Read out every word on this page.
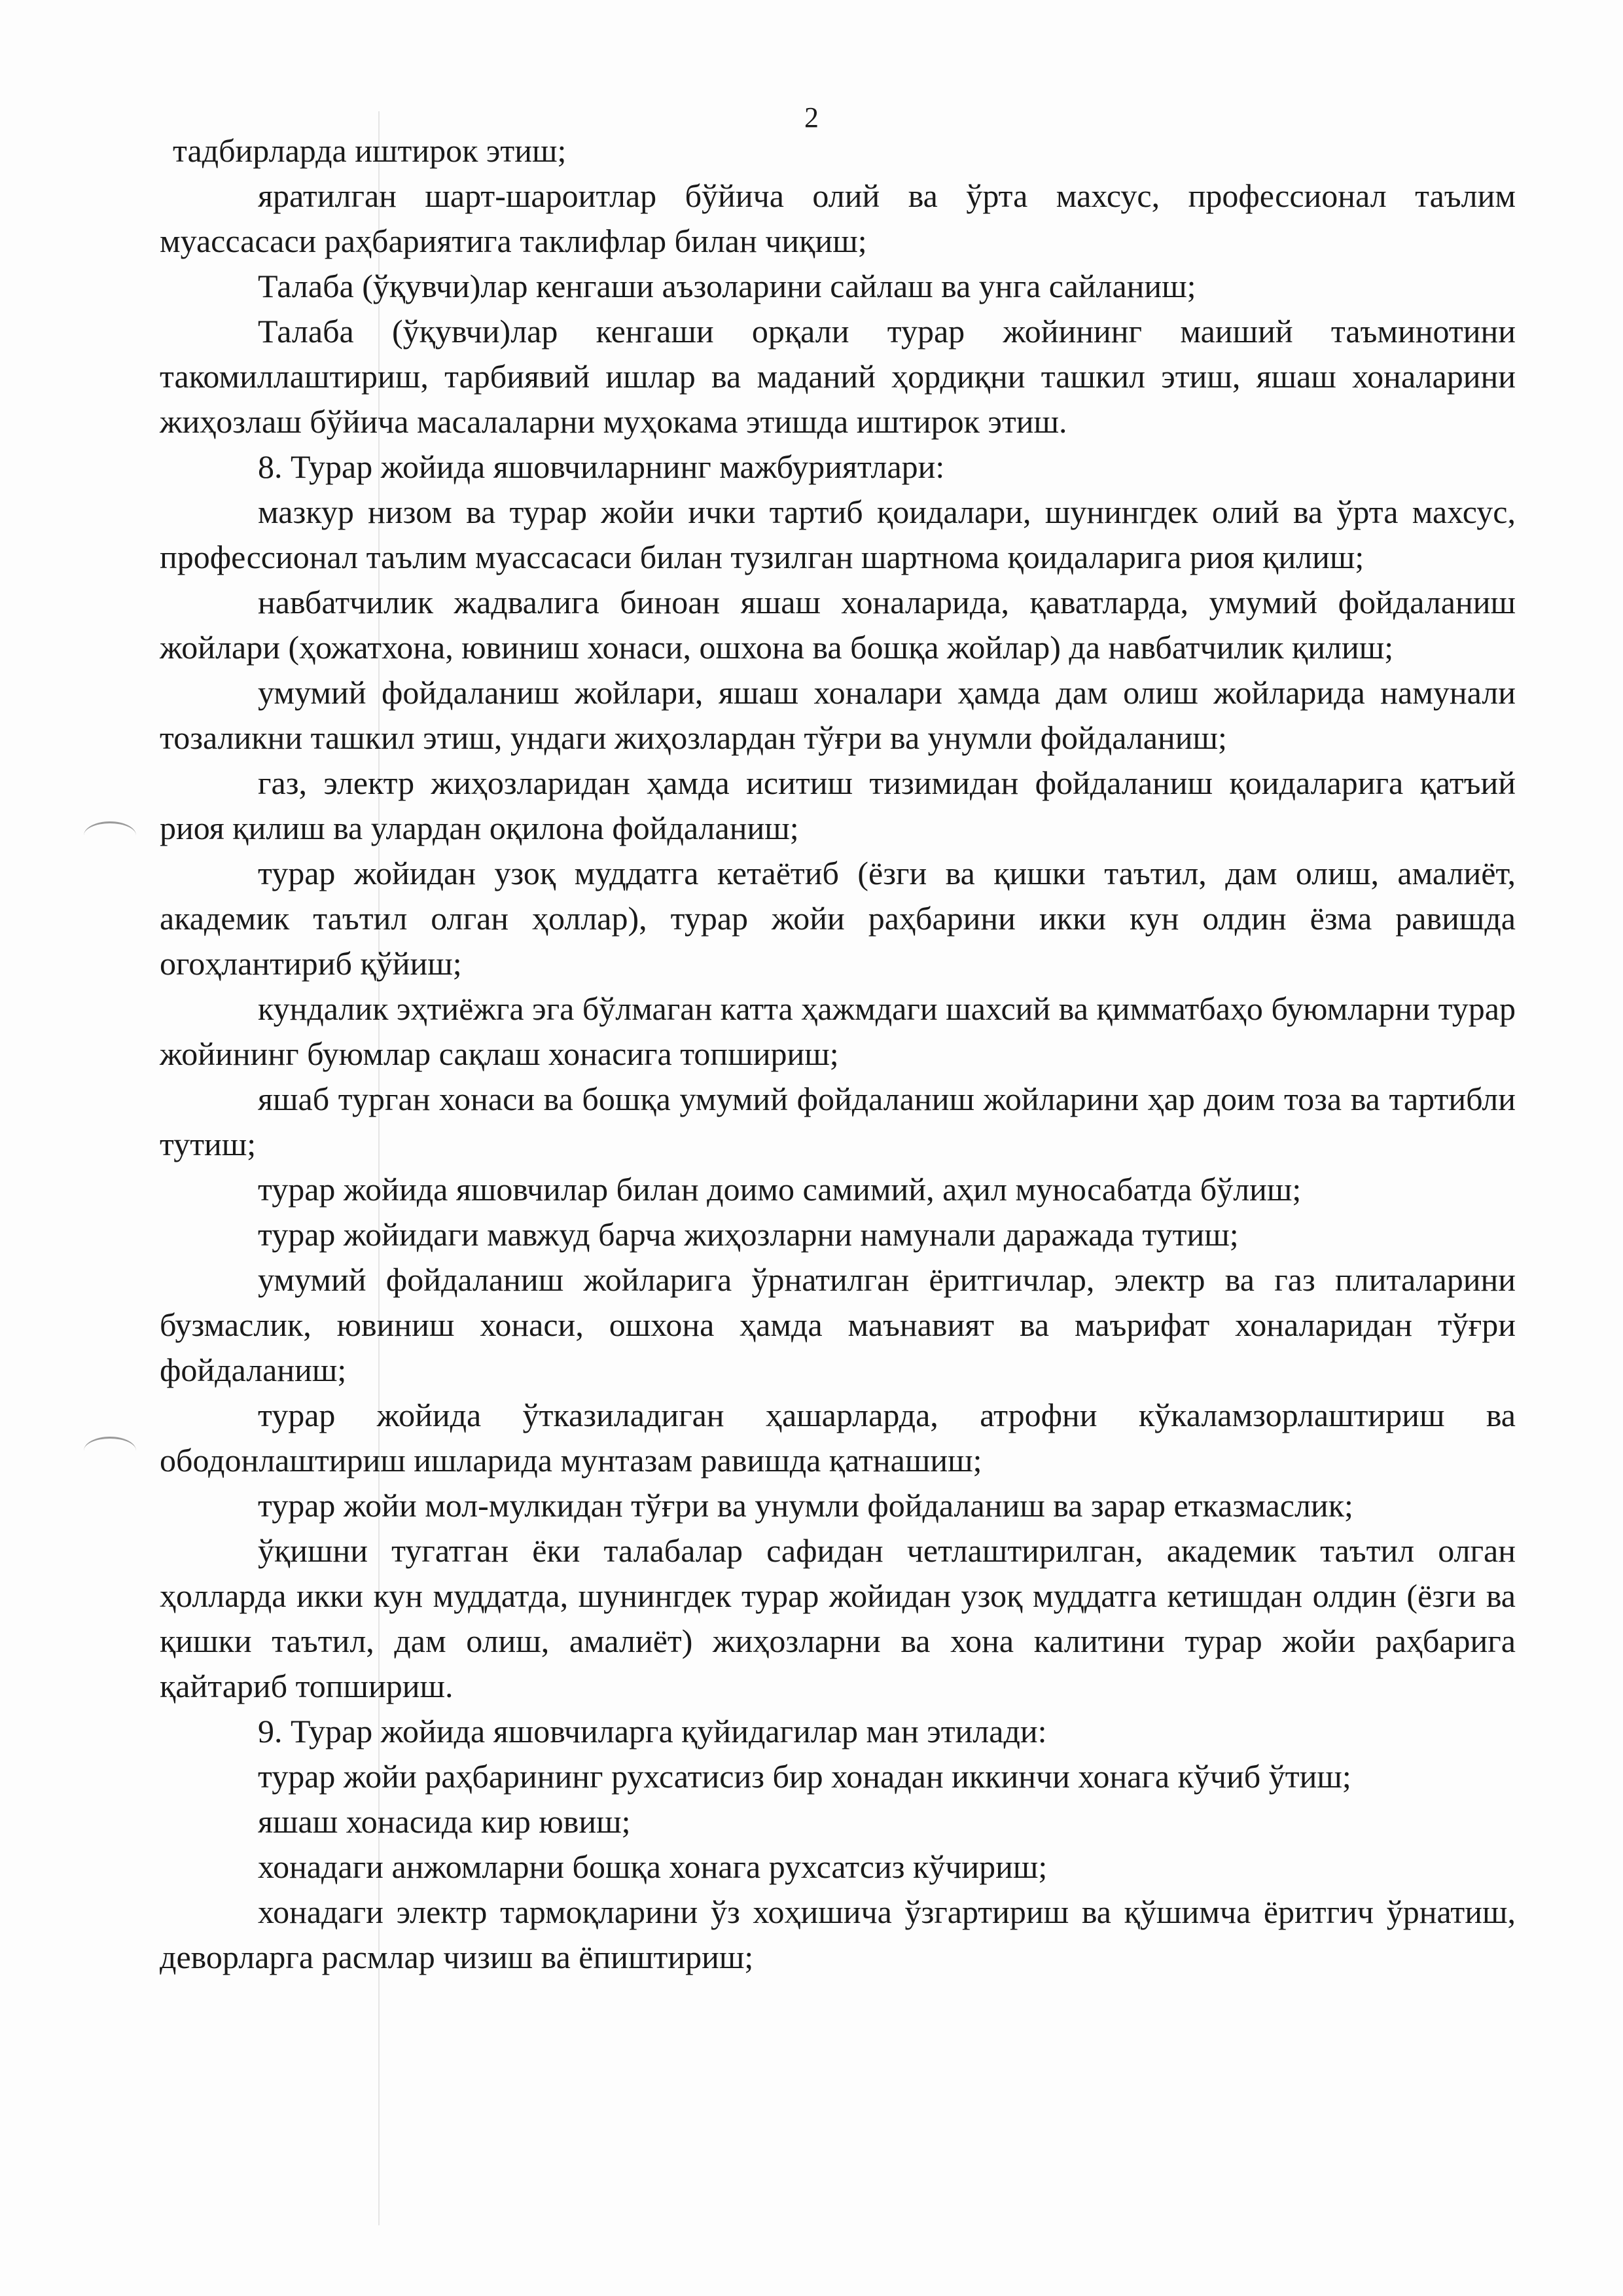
2

тадбирларда иштирок этиш;

яратилган шарт-шароитлар бўйича олий ва ўрта махсус, профессионал таълим муассасаси раҳбариятига таклифлар билан чиқиш;

Талаба (ўқувчи)лар кенгаши аъзоларини сайлаш ва унга сайланиш;

Талаба (ўқувчи)лар кенгаши орқали турар жойининг маиший таъминотини такомиллаштириш, тарбиявий ишлар ва маданий ҳордиқни ташкил этиш, яшаш хоналарини жиҳозлаш бўйича масалаларни муҳокама этишда иштирок этиш.

8. Турар жойида яшовчиларнинг мажбуриятлари:

мазкур низом ва турар жойи ички тартиб қоидалари, шунингдек олий ва ўрта махсус, профессионал таълим муассасаси билан тузилган шартнома қоидаларига риоя қилиш;

навбатчилик жадвалига биноан яшаш хоналарида, қаватларда, умумий фойдаланиш жойлари (ҳожатхона, ювиниш хонаси, ошхона ва бошқа жойлар) да навбатчилик қилиш;

умумий фойдаланиш жойлари, яшаш хоналари ҳамда дам олиш жойларида намунали тозаликни ташкил этиш, ундаги жиҳозлардан тўғри ва унумли фойдаланиш;

газ, электр жиҳозларидан ҳамда иситиш тизимидан фойдаланиш қоидаларига қатъий риоя қилиш ва улардан оқилона фойдаланиш;

турар жойидан узоқ муддатга кетаётиб (ёзги ва қишки таътил, дам олиш, амалиёт, академик таътил олган ҳоллар), турар жойи раҳбарини икки кун олдин ёзма равишда огоҳлантириб қўйиш;

кундалик эҳтиёжга эга бўлмаган катта ҳажмдаги шахсий ва қимматбаҳо буюмларни турар жойининг буюмлар сақлаш хонасига топшириш;

яшаб турган хонаси ва бошқа умумий фойдаланиш жойларини ҳар доим тоза ва тартибли тутиш;

турар жойида яшовчилар билан доимо самимий, аҳил муносабатда бўлиш;

турар жойидаги мавжуд барча жиҳозларни намунали даражада тутиш;

умумий фойдаланиш жойларига ўрнатилган ёритгичлар, электр ва газ плиталарини бузмаслик, ювиниш хонаси, ошхона ҳамда маънавият ва маърифат хоналаридан тўғри фойдаланиш;

турар жойида ўтказиладиган ҳашарларда, атрофни кўкаламзорлаштириш ва ободонлаштириш ишларида мунтазам равишда қатнашиш;

турар жойи мол-мулкидан тўғри ва унумли фойдаланиш ва зарар етказмаслик;

ўқишни тугатган ёки талабалар сафидан четлаштирилган, академик таътил олган ҳолларда икки кун муддатда, шунингдек турар жойидан узоқ муддатга кетишдан олдин (ёзги ва қишки таътил, дам олиш, амалиёт) жиҳозларни ва хона калитини турар жойи раҳбарига қайтариб топшириш.

9. Турар жойида яшовчиларга қуйидагилар ман этилади:

турар жойи раҳбарининг рухсатисиз бир хонадан иккинчи хонага кўчиб ўтиш;

яшаш хонасида кир ювиш;

хонадаги анжомларни бошқа хонага рухсатсиз кўчириш;

хонадаги электр тармоқларини ўз хоҳишича ўзгартириш ва қўшимча ёритгич ўрнатиш, деворларга расмлар чизиш ва ёпиштириш;
